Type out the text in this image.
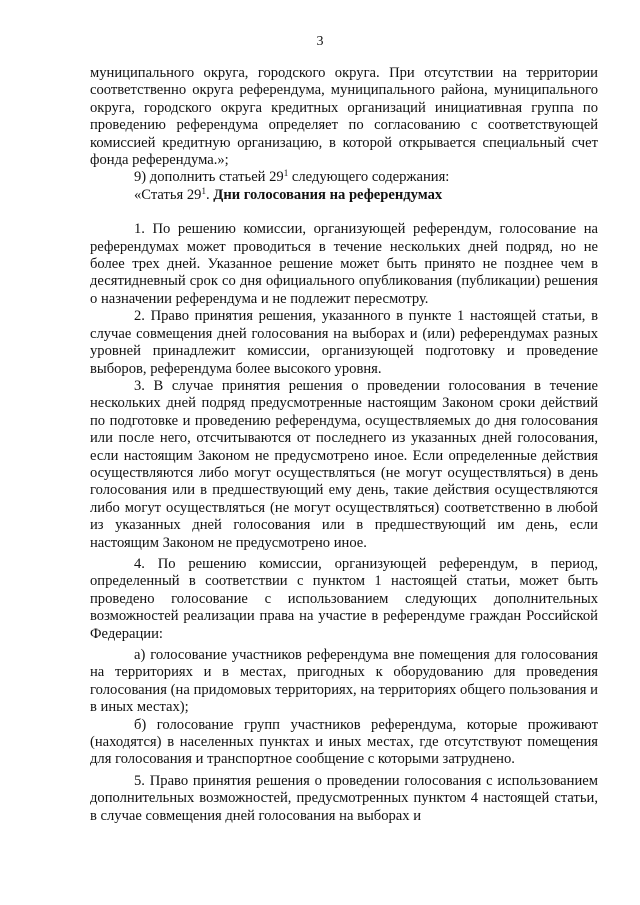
3

муниципального округа, городского округа. При отсутствии на территории соответственно округа референдума, муниципального района, муниципального округа, городского округа кредитных организаций инициативная группа по проведению референдума определяет по согласованию с соответствующей комиссией кредитную организацию, в которой открывается специальный счет фонда референдума.»;

9) дополнить статьей $29^1$ следующего содержания:

«Статья $29^1$. Дни голосования на референдумах

1. По решению комиссии, организующей референдум, голосование на референдумах может проводиться в течение нескольких дней подряд, но не более трех дней. Указанное решение может быть принято не позднее чем в десятидневный срок со дня официального опубликования (публикации) решения о назначении референдума и не подлежит пересмотру.

2. Право принятия решения, указанного в пункте 1 настоящей статьи, в случае совмещения дней голосования на выборах и (или) референдумах разных уровней принадлежит комиссии, организующей подготовку и проведение выборов, референдума более высокого уровня.

3. В случае принятия решения о проведении голосования в течение нескольких дней подряд предусмотренные настоящим Законом сроки действий по подготовке и проведению референдума, осуществляемых до дня голосования или после него, отсчитываются от последнего из указанных дней голосования, если настоящим Законом не предусмотрено иное. Если определенные действия осуществляются либо могут осуществляться (не могут осуществляться) в день голосования или в предшествующий ему день, такие действия осуществляются либо могут осуществляться (не могут осуществляться) соответственно в любой из указанных дней голосования или в предшествующий им день, если настоящим Законом не предусмотрено иное.

4. По решению комиссии, организующей референдум, в период, определенный в соответствии с пунктом 1 настоящей статьи, может быть проведено голосование с использованием следующих дополнительных возможностей реализации права на участие в референдуме граждан Российской Федерации:

а) голосование участников референдума вне помещения для голосования на территориях и в местах, пригодных к оборудованию для проведения голосования (на придомовых территориях, на территориях общего пользования и в иных местах);

б) голосование групп участников референдума, которые проживают (находятся) в населенных пунктах и иных местах, где отсутствуют помещения для голосования и транспортное сообщение с которыми затруднено.

5. Право принятия решения о проведении голосования с использованием дополнительных возможностей, предусмотренных пунктом 4 настоящей статьи, в случае совмещения дней голосования на выборах и
